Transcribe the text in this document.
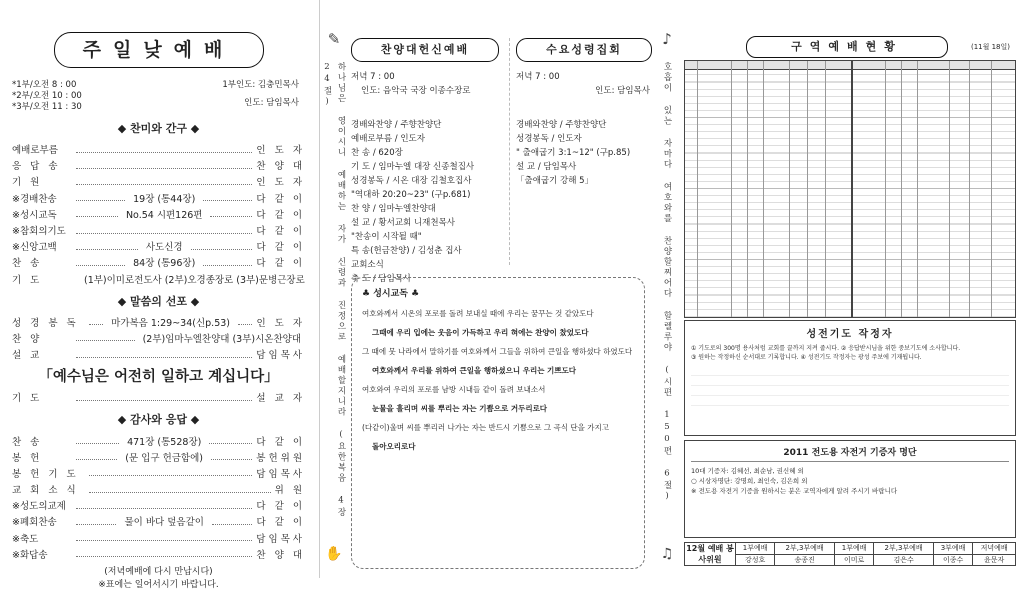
주일낮예배
*1부/오전 8 : 00
*2부/오전 10 : 00
*3부/오전 11 : 30
1부인도: 김충민목사
인도: 담임목사
◆ 찬미와 간구 ◆
예배로부름	인 도 자
응답송	찬 양 대
기원	인 도 자
※경배찬송	19장 (통44장)	다 같 이
※성시교독	No.54 시편126편	다 같 이
※참회의기도	다 같 이
※신앙고백	사도신경	다 같 이
찬송	84장 (통96장)	다 같 이
기도	(1부)이미로전도사 (2부)오경종장로 (3부)문병근장로
◆ 말씀의 선포 ◆
성경봉독	마가복음 1:29~34(신p.53)	인 도 자
찬양	(2부)임마누엘찬양대 (3부)시온찬양대
설교	담임목사
「예수님은 어전히 일하고 계십니다」
기도	설 교 자
◆ 감사와 응답 ◆
찬송	471장 (통528장)	다 같 이
봉헌	(문 입구 헌금함에)	봉헌위원
봉헌기도	담임목사
교회소식	위 원
※성도의교제	다 같 이
※폐회찬송	물이 바다 덮음같이	다 같 이
※축도	담임목사
※화답송	찬 양 대
(저녁예배에 다시 만납시다)
※표에는 일어서시기 바랍니다.
✎
하나님은 영이시니 예배하는 자가 신령과 진정으로 예배할지니라 (요한복음 4장 24절)
✋
찬양대헌신예배
저녁 7 : 00
인도: 음악국 국장 이종수장로
경배와찬양 / 주향찬양단
예배로부름 / 인도자
찬 송 / 620장
기 도 / 임마누엘 대장 신종철집사
성경봉독 / 시온 대장 김철호집사
"역대하 20:20~23" (구p.681)
찬 양 / 임마누엘찬양대
설 교 / 황서교회 니재천목사
"찬송이 시작될 때"
특 송(헌금찬양) / 김성춘 집사
교회소식
축 도 / 담임목사
수요성령집회
저녁 7 : 00
인도: 담임목사
경배와찬양 / 주향찬양단
성경봉독 / 인도자
" 출애굽기 3:1~12" (구p.85)
설 교 / 담임목사
「출애굽기 강해 5」
♣ 성시교독 ♣
여호와께서 시온의 포로를 돌려 보내실 때에 우리는 꿈꾸는 것 같았도다
그때에 우리 입에는 웃음이 가득하고 우리 혀에는 찬양이 찼었도다
그 때에 뭇 나라에서 말하기를 여호와께서 그들을 위하여 큰일을 행하셨다 하였도다
여호와께서 우리를 위하여 큰일을 행하셨으니 우리는 기쁘도다
여호와여 우리의 포로를 남방 시내들 같이 돌려 보내소서
눈물을 흘리며 씨를 뿌리는 자는 기쁨으로 거두리로다
(다같이)울며 씨를 뿌리러 나가는 자는 반드시 기쁨으로 그 곡식 단을 가지고
돌아오리로다
♪
호흡이 있는 자마다 여호와를 찬양할찌어다 할렐루야 (시편 150편 6절)
♫
구역예배현황	(11월 18일)
성전기도 작정자
① 기도로의 300명 용사처럼 교회를 끌까지 지켜 줍시다. ② 응답받시님을 위한 중보기도에 소사합니다.
③ 원하는 작정하신 순서대로 기록합니다. ④ 성전기도 작정자는 광성 주보에 기재됩니다.
2011 전도용 자전거 기증자 명단
10대 기증자: 김혜선, 최순남, 권신혜 외
○ 시상자명단: 강명희, 최인숙, 김은희 외
※ 전도용 자전거 기증을 원하시는 분은 교역자에게 알려 주시기 바랍니다
12월 예배 봉사위원	1부예배	2부,3부예배	1부예배	2부,3부예배	3부예배	저녁예배
	강성호	송종진	이미로	김은수	이종수	윤문자
